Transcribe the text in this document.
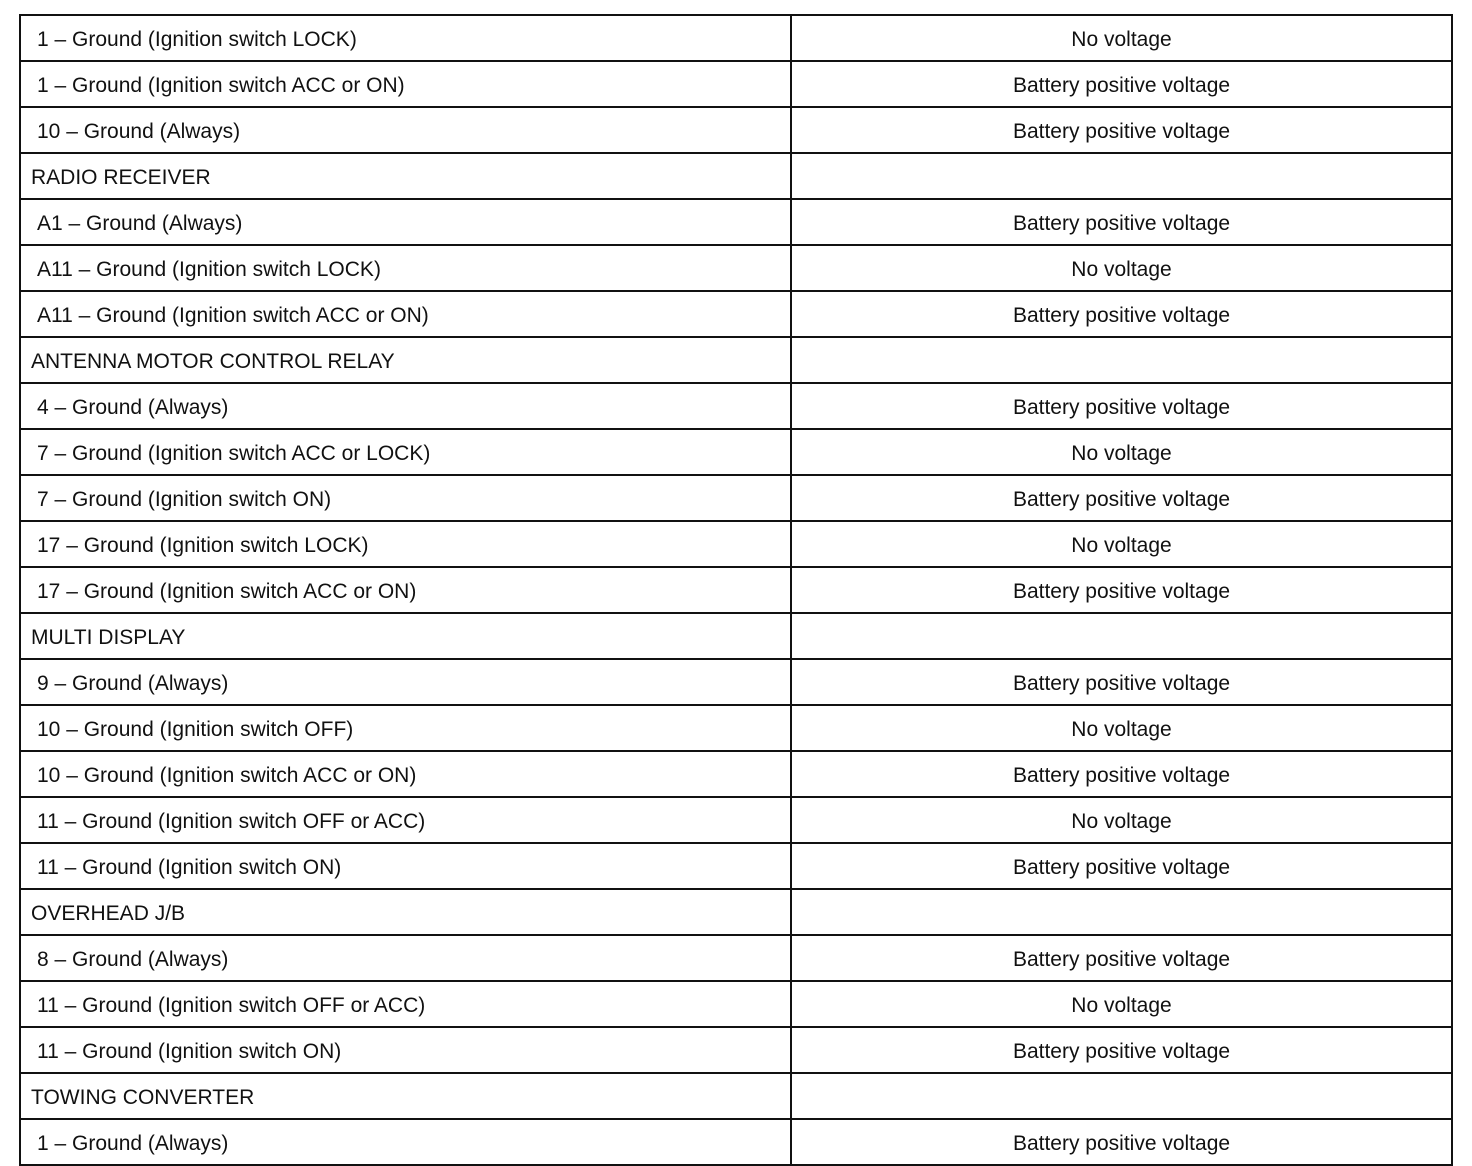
1 – Ground (Ignition switch LOCK)	No voltage
1 – Ground (Ignition switch ACC or ON)	Battery positive voltage
10 – Ground (Always)	Battery positive voltage
RADIO RECEIVER	
A1 – Ground (Always)	Battery positive voltage
A11 – Ground (Ignition switch LOCK)	No voltage
A11 – Ground (Ignition switch ACC or ON)	Battery positive voltage
ANTENNA MOTOR CONTROL RELAY	
4 – Ground (Always)	Battery positive voltage
7 – Ground (Ignition switch ACC or LOCK)	No voltage
7 – Ground (Ignition switch ON)	Battery positive voltage
17 – Ground (Ignition switch LOCK)	No voltage
17 – Ground (Ignition switch ACC or ON)	Battery positive voltage
MULTI DISPLAY	
9 – Ground (Always)	Battery positive voltage
10 – Ground (Ignition switch OFF)	No voltage
10 – Ground (Ignition switch ACC or ON)	Battery positive voltage
11 – Ground (Ignition switch OFF or ACC)	No voltage
11 – Ground (Ignition switch ON)	Battery positive voltage
OVERHEAD J/B	
8 – Ground (Always)	Battery positive voltage
11 – Ground (Ignition switch OFF or ACC)	No voltage
11 – Ground (Ignition switch ON)	Battery positive voltage
TOWING CONVERTER	
1 – Ground (Always)	Battery positive voltage
